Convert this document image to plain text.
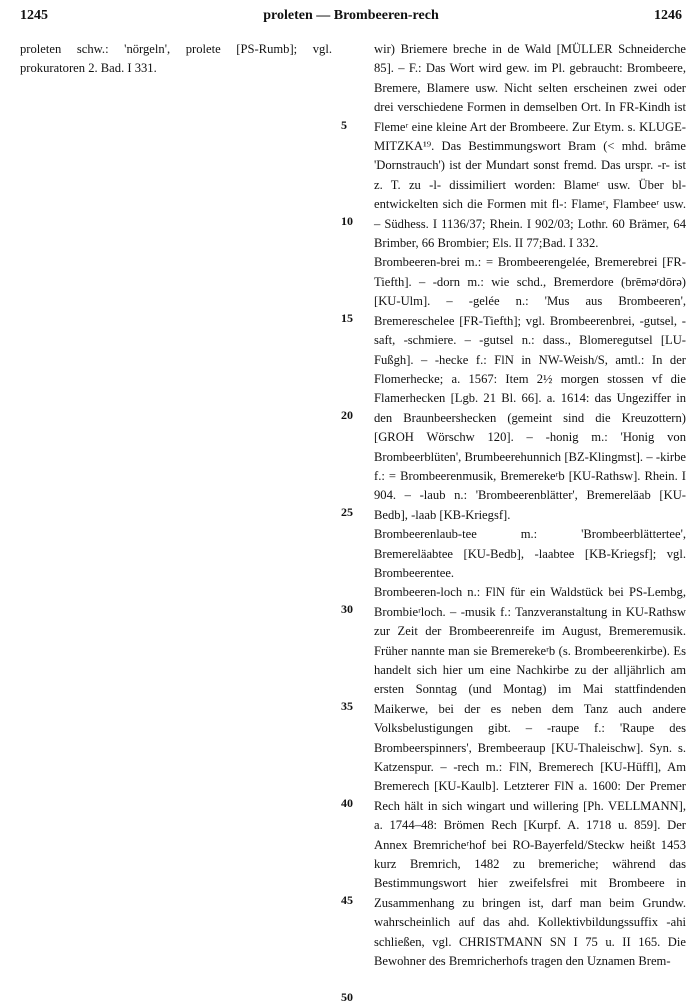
1245	proleten — Brombeeren-rech	1246

proleten schw.: 'nörgeln', prolete [PS-Rumb]; vgl. prokuratoren 2. Bad. I 331.

5
10
15
20
25
30
35
40
45
50

wir) Briemere breche in de Wald [MÜLLER Schneiderche 85]. – F.: Das Wort wird gew. im Pl. gebraucht: Brombeere, Bremere, Blamere usw. Nicht selten erscheinen zwei oder drei verschiedene Formen in demselben Ort. In FR-Kindh ist Flemeʳ eine kleine Art der Brombeere. Zur Etym. s. KLUGE-MITZKA¹⁹. Das Bestimmungswort Bram (< mhd. brâme 'Dornstrauch') ist der Mundart sonst fremd. Das urspr. -r- ist z. T. zu -l- dissimiliert worden: Blameʳ usw. Über bl- entwickelten sich die Formen mit fl-: Flameʳ, Flambeeʳ usw. – Südhess. I 1136/37; Rhein. I 902/03; Lothr. 60 Brämer, 64 Brimber, 66 Brombier; Els. II 77;Bad. I 332.

Brombeeren-brei m.: = Brombeerengelée, Bremerebrei [FR-Tiefth]. – -dorn m.: wie schd., Bremerdore (brēmǝʳdōrǝ) [KU-Ulm]. – -gelée n.: 'Mus aus Brombeeren', Bremereschelee [FR-Tiefth]; vgl. Brombeerenbrei, -gutsel, -saft, -schmiere. – -gutsel n.: dass., Blomeregutsel [LU-Fußgh]. – -hecke f.: FlN in NW-Weish/S, amtl.: In der Flomerhecke; a. 1567: Item 2½ morgen stossen vf die Flamerhecken [Lgb. 21 Bl. 66]. a. 1614: das Ungeziffer in den Braunbeershecken (gemeint sind die Kreuzottern) [GROH Wörschw 120]. – -honig m.: 'Honig von Brombeerblüten', Brumbeerehunnich [BZ-Klingmst]. – -kirbe f.: = Brombeerenmusik, Bremerekeʳb [KU-Rathsw]. Rhein. I 904. – -laub n.: 'Brombeerenblätter', Bremereläab [KU-Bedb], -laab [KB-Kriegsf].

Brombeerenlaub-tee m.: 'Brombeerblättertee', Bremereläabtee [KU-Bedb], -laabtee [KB-Kriegsf]; vgl. Brombeerentee.

Brombeeren-loch n.: FlN für ein Waldstück bei PS-Lembg, Brombieʳloch. – -musik f.: Tanzveranstaltung in KU-Rathsw zur Zeit der Brombeerenreife im August, Bremeremusik. Früher nannte man sie Bremerekeʳb (s. Brombeerenkirbe). Es handelt sich hier um eine Nachkirbe zu der alljährlich am ersten Sonntag (und Montag) im Mai stattfindenden Maikerwe, bei der es neben dem Tanz auch andere Volksbelustigungen gibt. – -raupe f.: 'Raupe des Brombeerspinners', Brembeeraup [KU-Thaleischw]. Syn. s. Katzenspur. – -rech m.: FlN, Bremerech [KU-Hüffl], Am Bremerech [KU-Kaulb]. Letzterer FlN a. 1600: Der Premer Rech hält in sich wingart und willering [Ph. VELLMANN], a. 1744–48: Brömen Rech [Kurpf. A. 1718 u. 859]. Der Annex Bremricheʳhof bei RO-Bayerfeld/Steckw heißt 1453 kurz Bremrich, 1482 zu bremeriche; während das Bestimmungswort hier zweifelsfrei mit Brombeere in Zusammenhang zu bringen ist, darf man beim Grundw. wahrscheinlich auf das ahd. Kollektivbildungssuffix -ahi schließen, vgl. CHRISTMANN SN I 75 u. II 165. Die Bewohner des Bremricherhofs tragen den Uznamen Brem-
